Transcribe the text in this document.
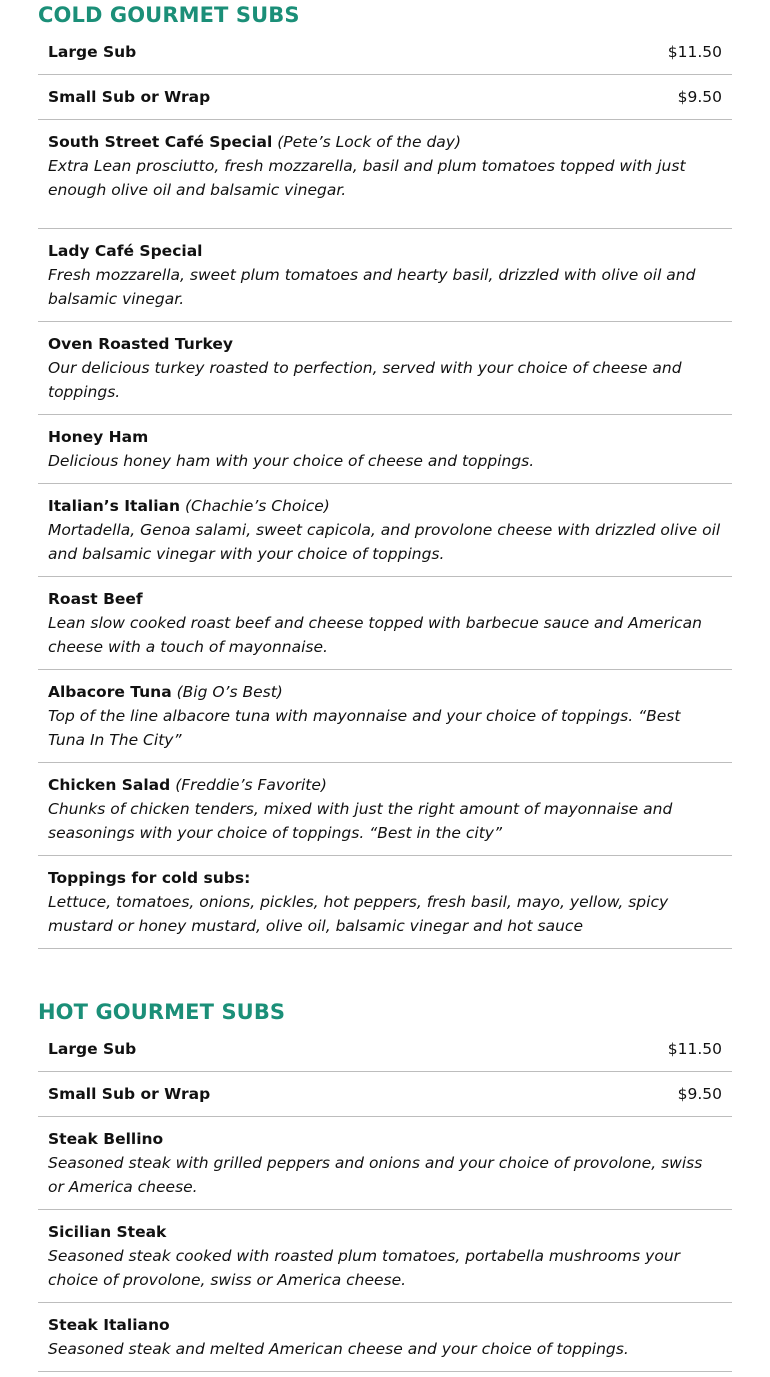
COLD GOURMET SUBS
Large Sub	$11.50
Small Sub or Wrap	$9.50
South Street Café Special (Pete’s Lock of the day)

Extra Lean prosciutto, fresh mozzarella, basil and plum tomatoes topped with just enough olive oil and balsamic vinegar.

Lady Café Special

Fresh mozzarella, sweet plum tomatoes and hearty basil, drizzled with olive oil and balsamic vinegar.

Oven Roasted Turkey

Our delicious turkey roasted to perfection, served with your choice of cheese and toppings.

Honey Ham

Delicious honey ham with your choice of cheese and toppings.

Italian’s Italian (Chachie’s Choice)

Mortadella, Genoa salami, sweet capicola, and provolone cheese with drizzled olive oil and balsamic vinegar with your choice of toppings.

Roast Beef

Lean slow cooked roast beef and cheese topped with barbecue sauce and American cheese with a touch of mayonnaise.

Albacore Tuna (Big O’s Best)

Top of the line albacore tuna with mayonnaise and your choice of toppings. “Best Tuna In The City”

Chicken Salad (Freddie’s Favorite)

Chunks of chicken tenders, mixed with just the right amount of mayonnaise and seasonings with your choice of toppings. “Best in the city”

Toppings for cold subs:

Lettuce, tomatoes, onions, pickles, hot peppers, fresh basil, mayo, yellow, spicy mustard or honey mustard, olive oil, balsamic vinegar and hot sauce

HOT GOURMET SUBS
Large Sub	$11.50
Small Sub or Wrap	$9.50
Steak Bellino

Seasoned steak with grilled peppers and onions and your choice of provolone, swiss or America cheese.

Sicilian Steak

Seasoned steak cooked with roasted plum tomatoes, portabella mushrooms your choice of provolone, swiss or America cheese.

Steak Italiano

Seasoned steak and melted American cheese and your choice of toppings.
